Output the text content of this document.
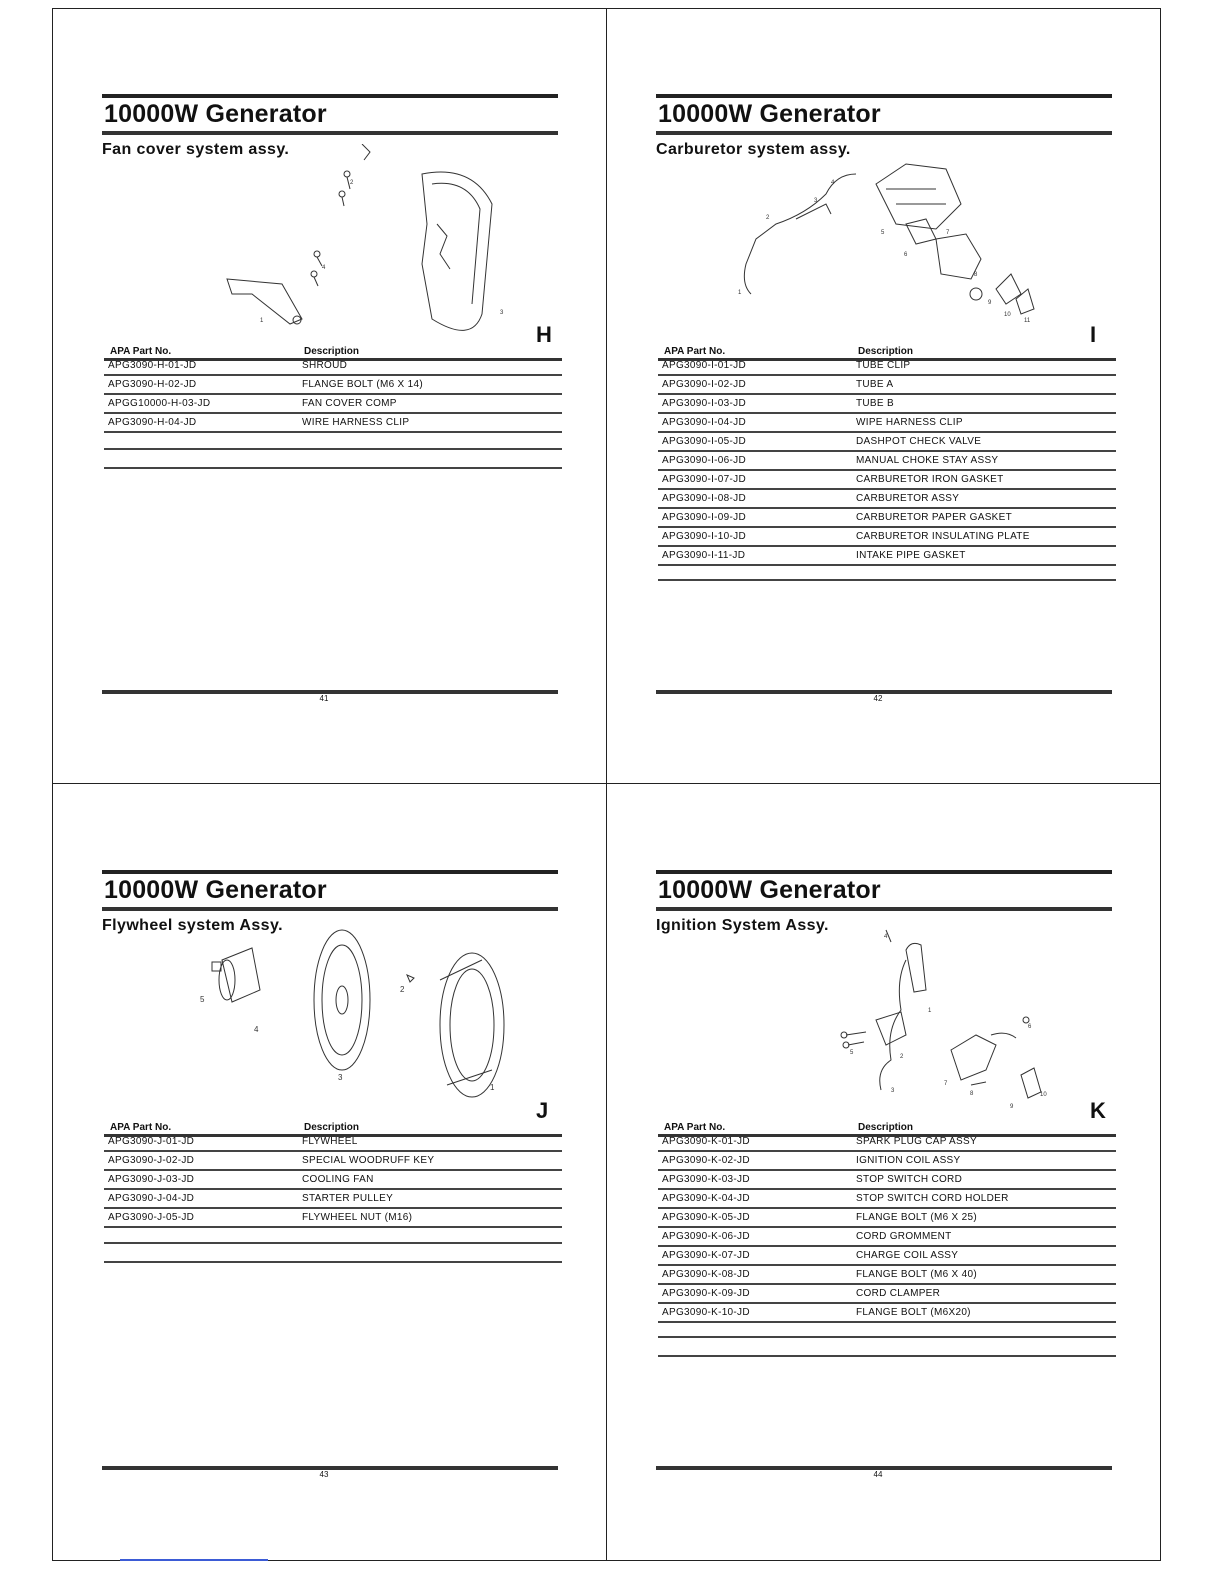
10000W Generator
Fan cover system assy.
1
2
3
4
H
APA Part No.	Description
APG3090-H-01-JD	SHROUD
APG3090-H-02-JD	FLANGE BOLT (M6 X 14)
APGG10000-H-03-JD	FAN COVER COMP
APG3090-H-04-JD	WIRE HARNESS CLIP
41
10000W Generator
Carburetor system assy.
1
2
3
4
5
6
7
8
9
10
11
I
APA Part No.	Description
APG3090-I-01-JD	TUBE CLIP
APG3090-I-02-JD	TUBE A
APG3090-I-03-JD	TUBE B
APG3090-I-04-JD	WIPE HARNESS CLIP
APG3090-I-05-JD	DASHPOT CHECK VALVE
APG3090-I-06-JD	MANUAL CHOKE STAY ASSY
APG3090-I-07-JD	CARBURETOR IRON GASKET
APG3090-I-08-JD	CARBURETOR ASSY
APG3090-I-09-JD	CARBURETOR PAPER GASKET
APG3090-I-10-JD	CARBURETOR INSULATING PLATE
APG3090-I-11-JD	INTAKE PIPE GASKET
42
10000W Generator
Flywheel system Assy.
1
2
3
4
5
J
APA Part No.	Description
APG3090-J-01-JD	FLYWHEEL
APG3090-J-02-JD	SPECIAL WOODRUFF KEY
APG3090-J-03-JD	COOLING FAN
APG3090-J-04-JD	STARTER PULLEY
APG3090-J-05-JD	FLYWHEEL NUT (M16)
43
10000W Generator
Ignition System Assy.
1
2
3
4
5
6
7
8
9
10
K
APA Part No.	Description
APG3090-K-01-JD	SPARK PLUG CAP ASSY
APG3090-K-02-JD	IGNITION COIL ASSY
APG3090-K-03-JD	STOP SWITCH CORD
APG3090-K-04-JD	STOP SWITCH CORD HOLDER
APG3090-K-05-JD	FLANGE BOLT (M6 X 25)
APG3090-K-06-JD	CORD GROMMENT
APG3090-K-07-JD	CHARGE COIL ASSY
APG3090-K-08-JD	FLANGE BOLT (M6 X 40)
APG3090-K-09-JD	CORD CLAMPER
APG3090-K-10-JD	FLANGE BOLT (M6X20)
44
